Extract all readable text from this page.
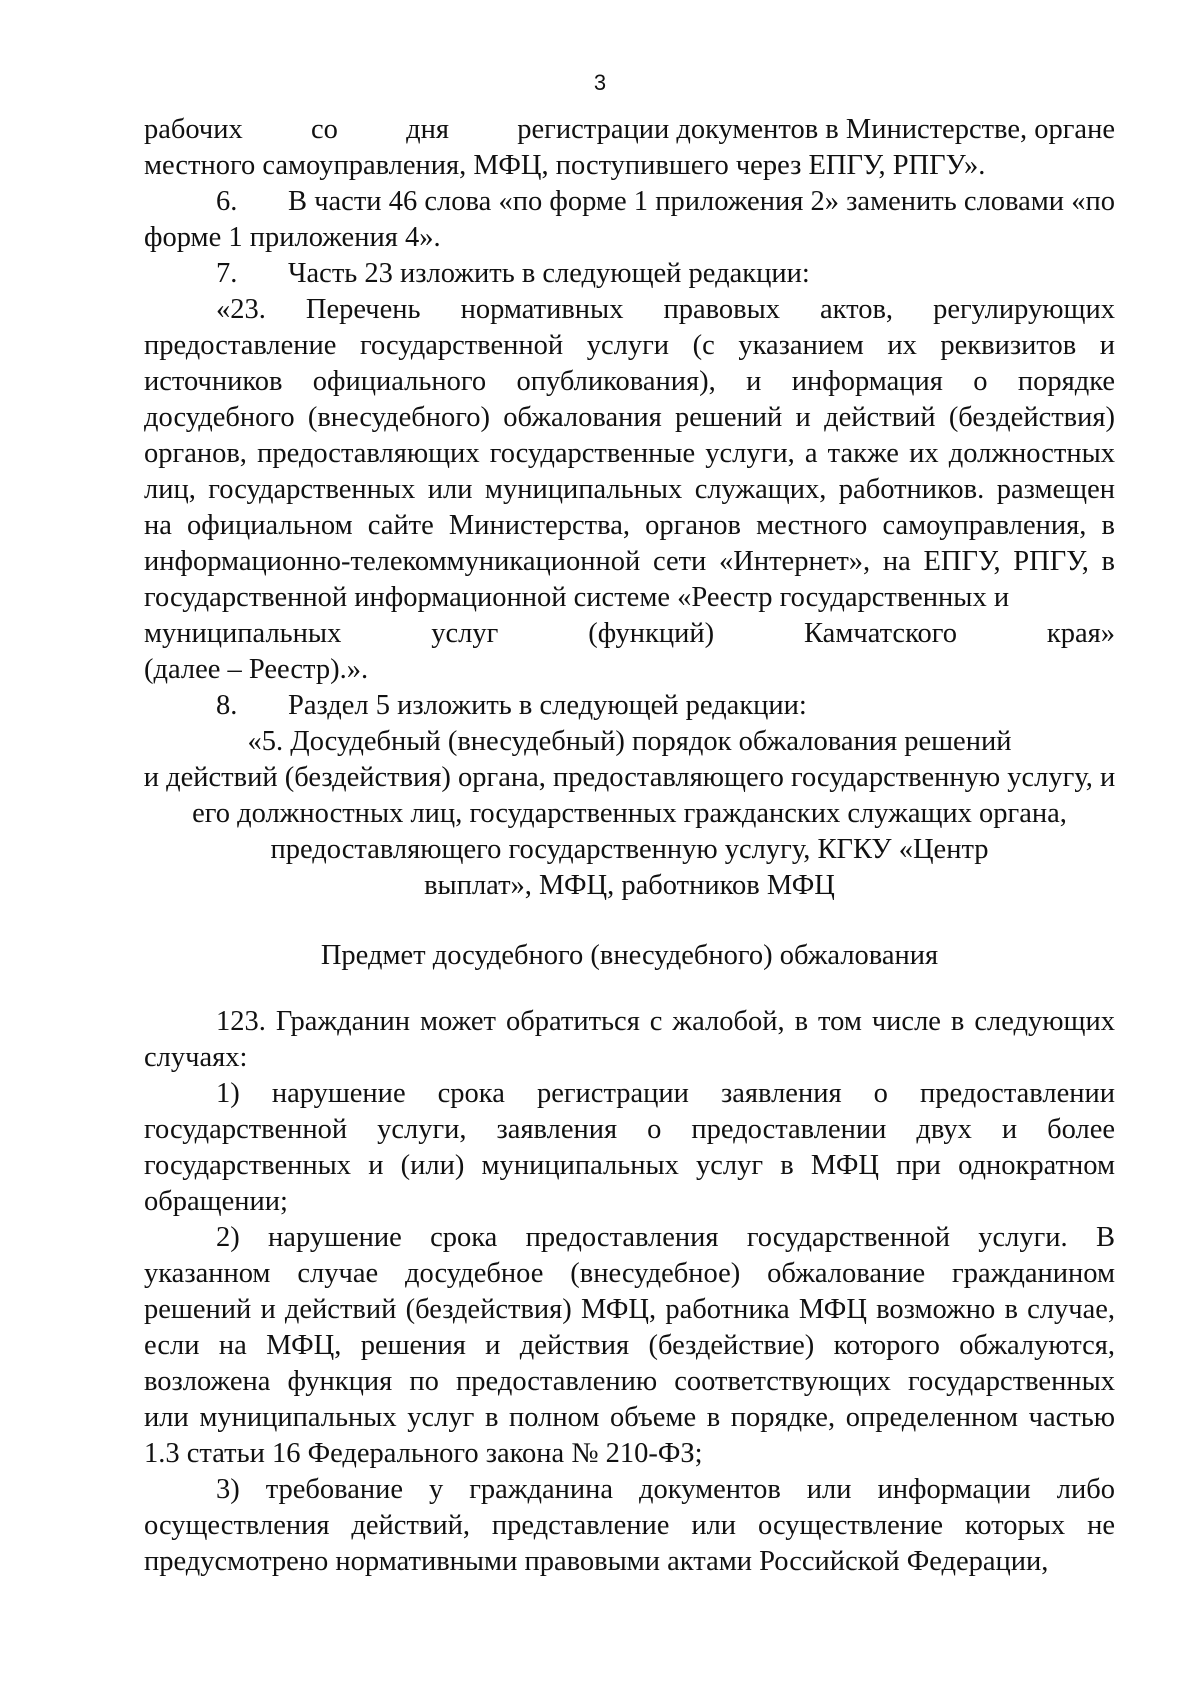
3
рабочих со дня регистрации документов в Министерстве, органе

местного самоуправления, МФЦ, поступившего через ЕПГУ, РПГУ».

6. В части 46 слова «по форме 1 приложения 2» заменить словами «по форме 1 приложения 4».

7.	Часть 23 изложить в следующей редакции:
«23. Перечень нормативных правовых актов, регулирующих

предоставление государственной услуги (с указанием их реквизитов и источников официального опубликования), и информация о порядке досудебного (внесудебного) обжалования решений и действий (бездействия) органов, предоставляющих государственные услуги, а также их должностных лиц, государственных или муниципальных служащих, работников. размещен на официальном сайте Министерства, органов местного самоуправления, в информационно-телекоммуникационной сети «Интернет», на ЕПГУ, РПГУ, в государственной информационной системе «Реестр государственных и

муниципальных	услуг	(функций)	Камчатского	края»

(далее – Реестр).».

8.	Раздел 5 изложить в следующей редакции:

«5. Досудебный (внесудебный) порядок обжалования решений

и действий (бездействия) органа, предоставляющего государственную услугу, и

его должностных лиц, государственных гражданских служащих органа,

предоставляющего государственную услугу, КГКУ «Центр

выплат», МФЦ, работников МФЦ

Предмет досудебного (внесудебного) обжалования

123. Гражданин может обратиться с жалобой, в том числе в следующих случаях:

1) нарушение срока регистрации заявления о предоставлении государственной услуги, заявления о предоставлении двух и более государственных и (или) муниципальных услуг в МФЦ при однократном обращении;

2) нарушение срока предоставления государственной услуги. В указанном случае досудебное (внесудебное) обжалование гражданином решений и действий (бездействия) МФЦ, работника МФЦ возможно в случае, если на МФЦ, решения и действия (бездействие) которого обжалуются, возложена функция по предоставлению соответствующих государственных или муниципальных услуг в полном объеме в порядке, определенном частью 1.3 статьи 16 Федерального закона № 210-ФЗ;

3) требование у гражданина документов или информации либо осуществления действий, представление или осуществление которых не предусмотрено нормативными правовыми актами Российской Федерации,
